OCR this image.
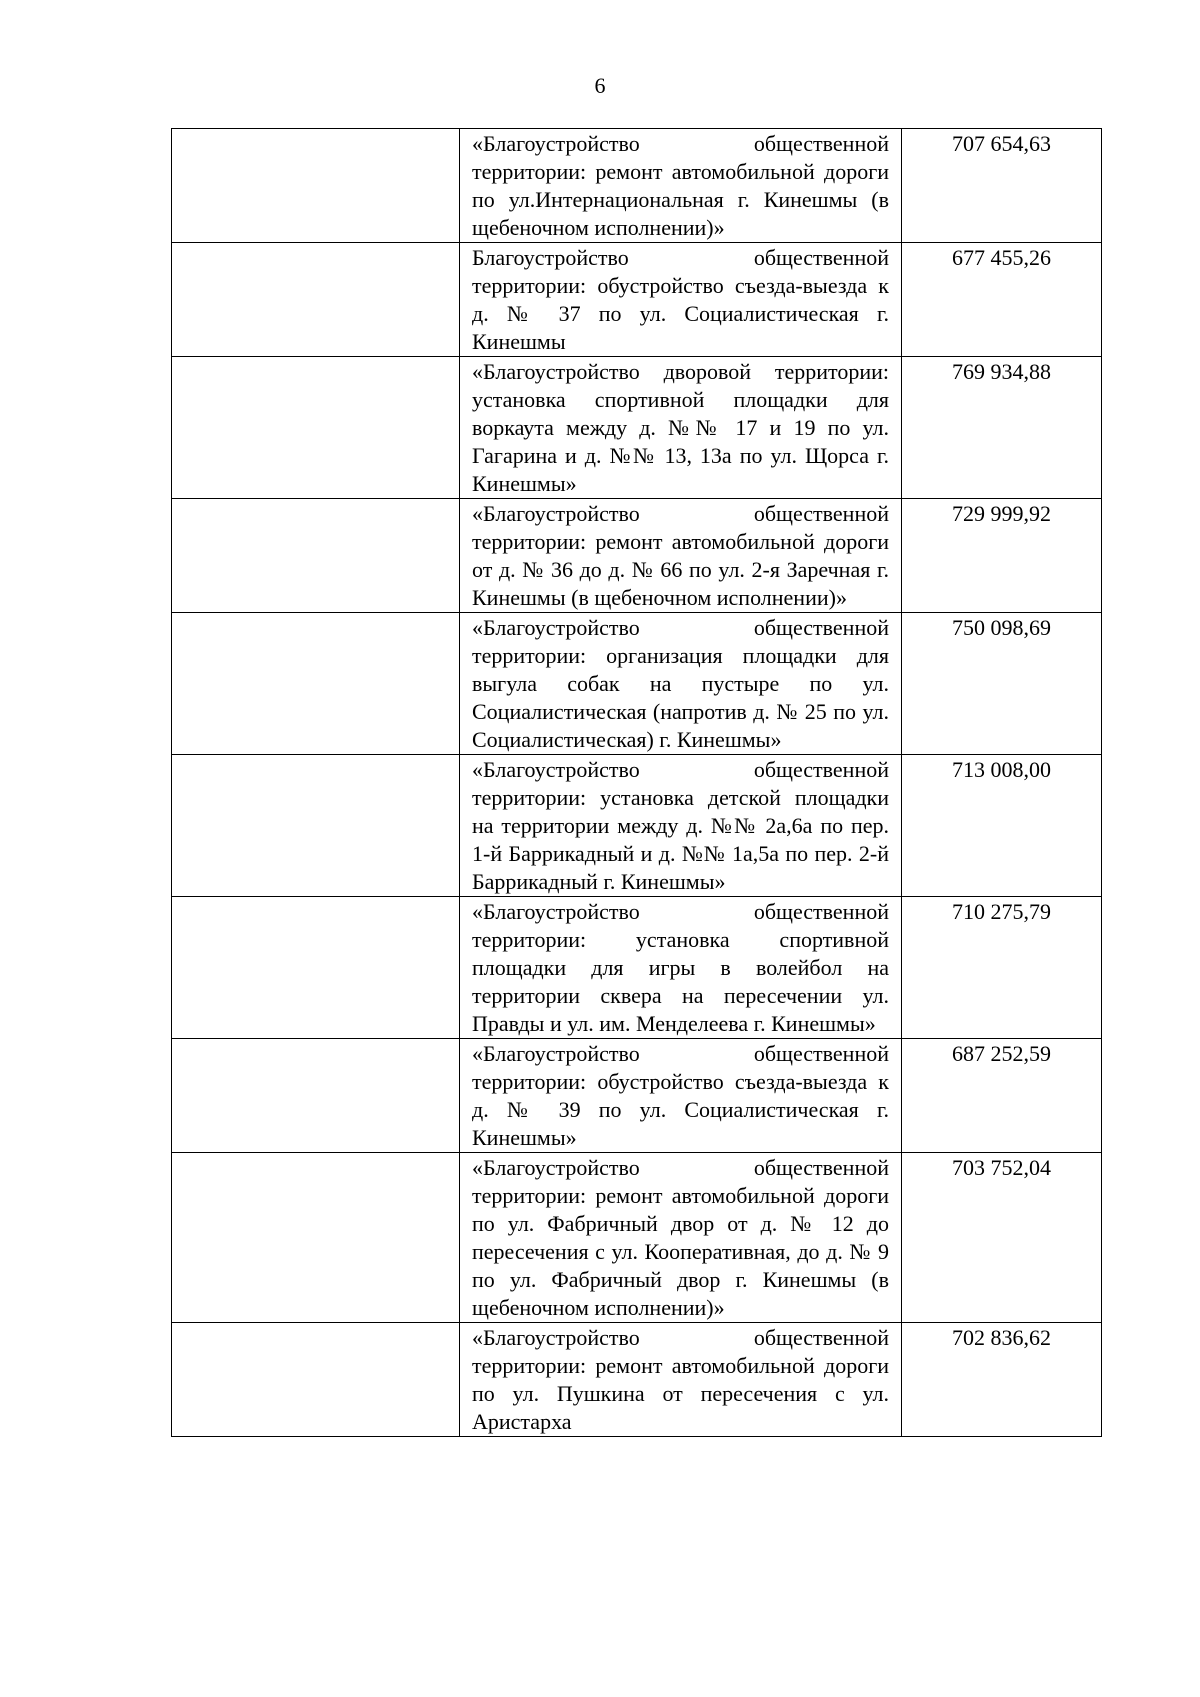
6

	«Благоустройство общественной территории: ремонт автомобильной дороги по ул.Интернациональная г. Кинешмы (в щебеночном исполнении)»	707 654,63

	Благоустройство общественной территории: обустройство съезда-выезда к д. № 37 по ул. Социалистическая г. Кинешмы	677 455,26

	«Благоустройство дворовой территории: установка спортивной площадки для воркаута между д. №№ 17 и 19 по ул. Гагарина и д. №№ 13, 13а по ул. Щорса г. Кинешмы»	769 934,88

	«Благоустройство общественной территории: ремонт автомобильной дороги от д. № 36 до д. № 66 по ул. 2-я Заречная г. Кинешмы (в щебеночном исполнении)»	729 999,92

	«Благоустройство общественной территории: организация площадки для выгула собак на пустыре по ул. Социалистическая (напротив д. № 25 по ул. Социалистическая) г. Кинешмы»	750 098,69

	«Благоустройство общественной территории: установка детской площадки на территории между д. №№ 2а,6а по пер. 1-й Баррикадный и д. №№ 1а,5а по пер. 2-й Баррикадный г. Кинешмы»	713 008,00

	«Благоустройство общественной территории: установка спортивной площадки для игры в волейбол на территории сквера на пересечении ул. Правды и ул. им. Менделеева г. Кинешмы»	710 275,79

	«Благоустройство общественной территории: обустройство съезда-выезда к д. № 39 по ул. Социалистическая г. Кинешмы»	687 252,59

	«Благоустройство общественной территории: ремонт автомобильной дороги по ул. Фабричный двор от д. № 12 до пересечения с ул. Кооперативная, до д. № 9 по ул. Фабричный двор г. Кинешмы (в щебеночном исполнении)»	703 752,04

	«Благоустройство общественной территории: ремонт автомобильной дороги по ул. Пушкина от пересечения с ул. Аристарха	702 836,62
